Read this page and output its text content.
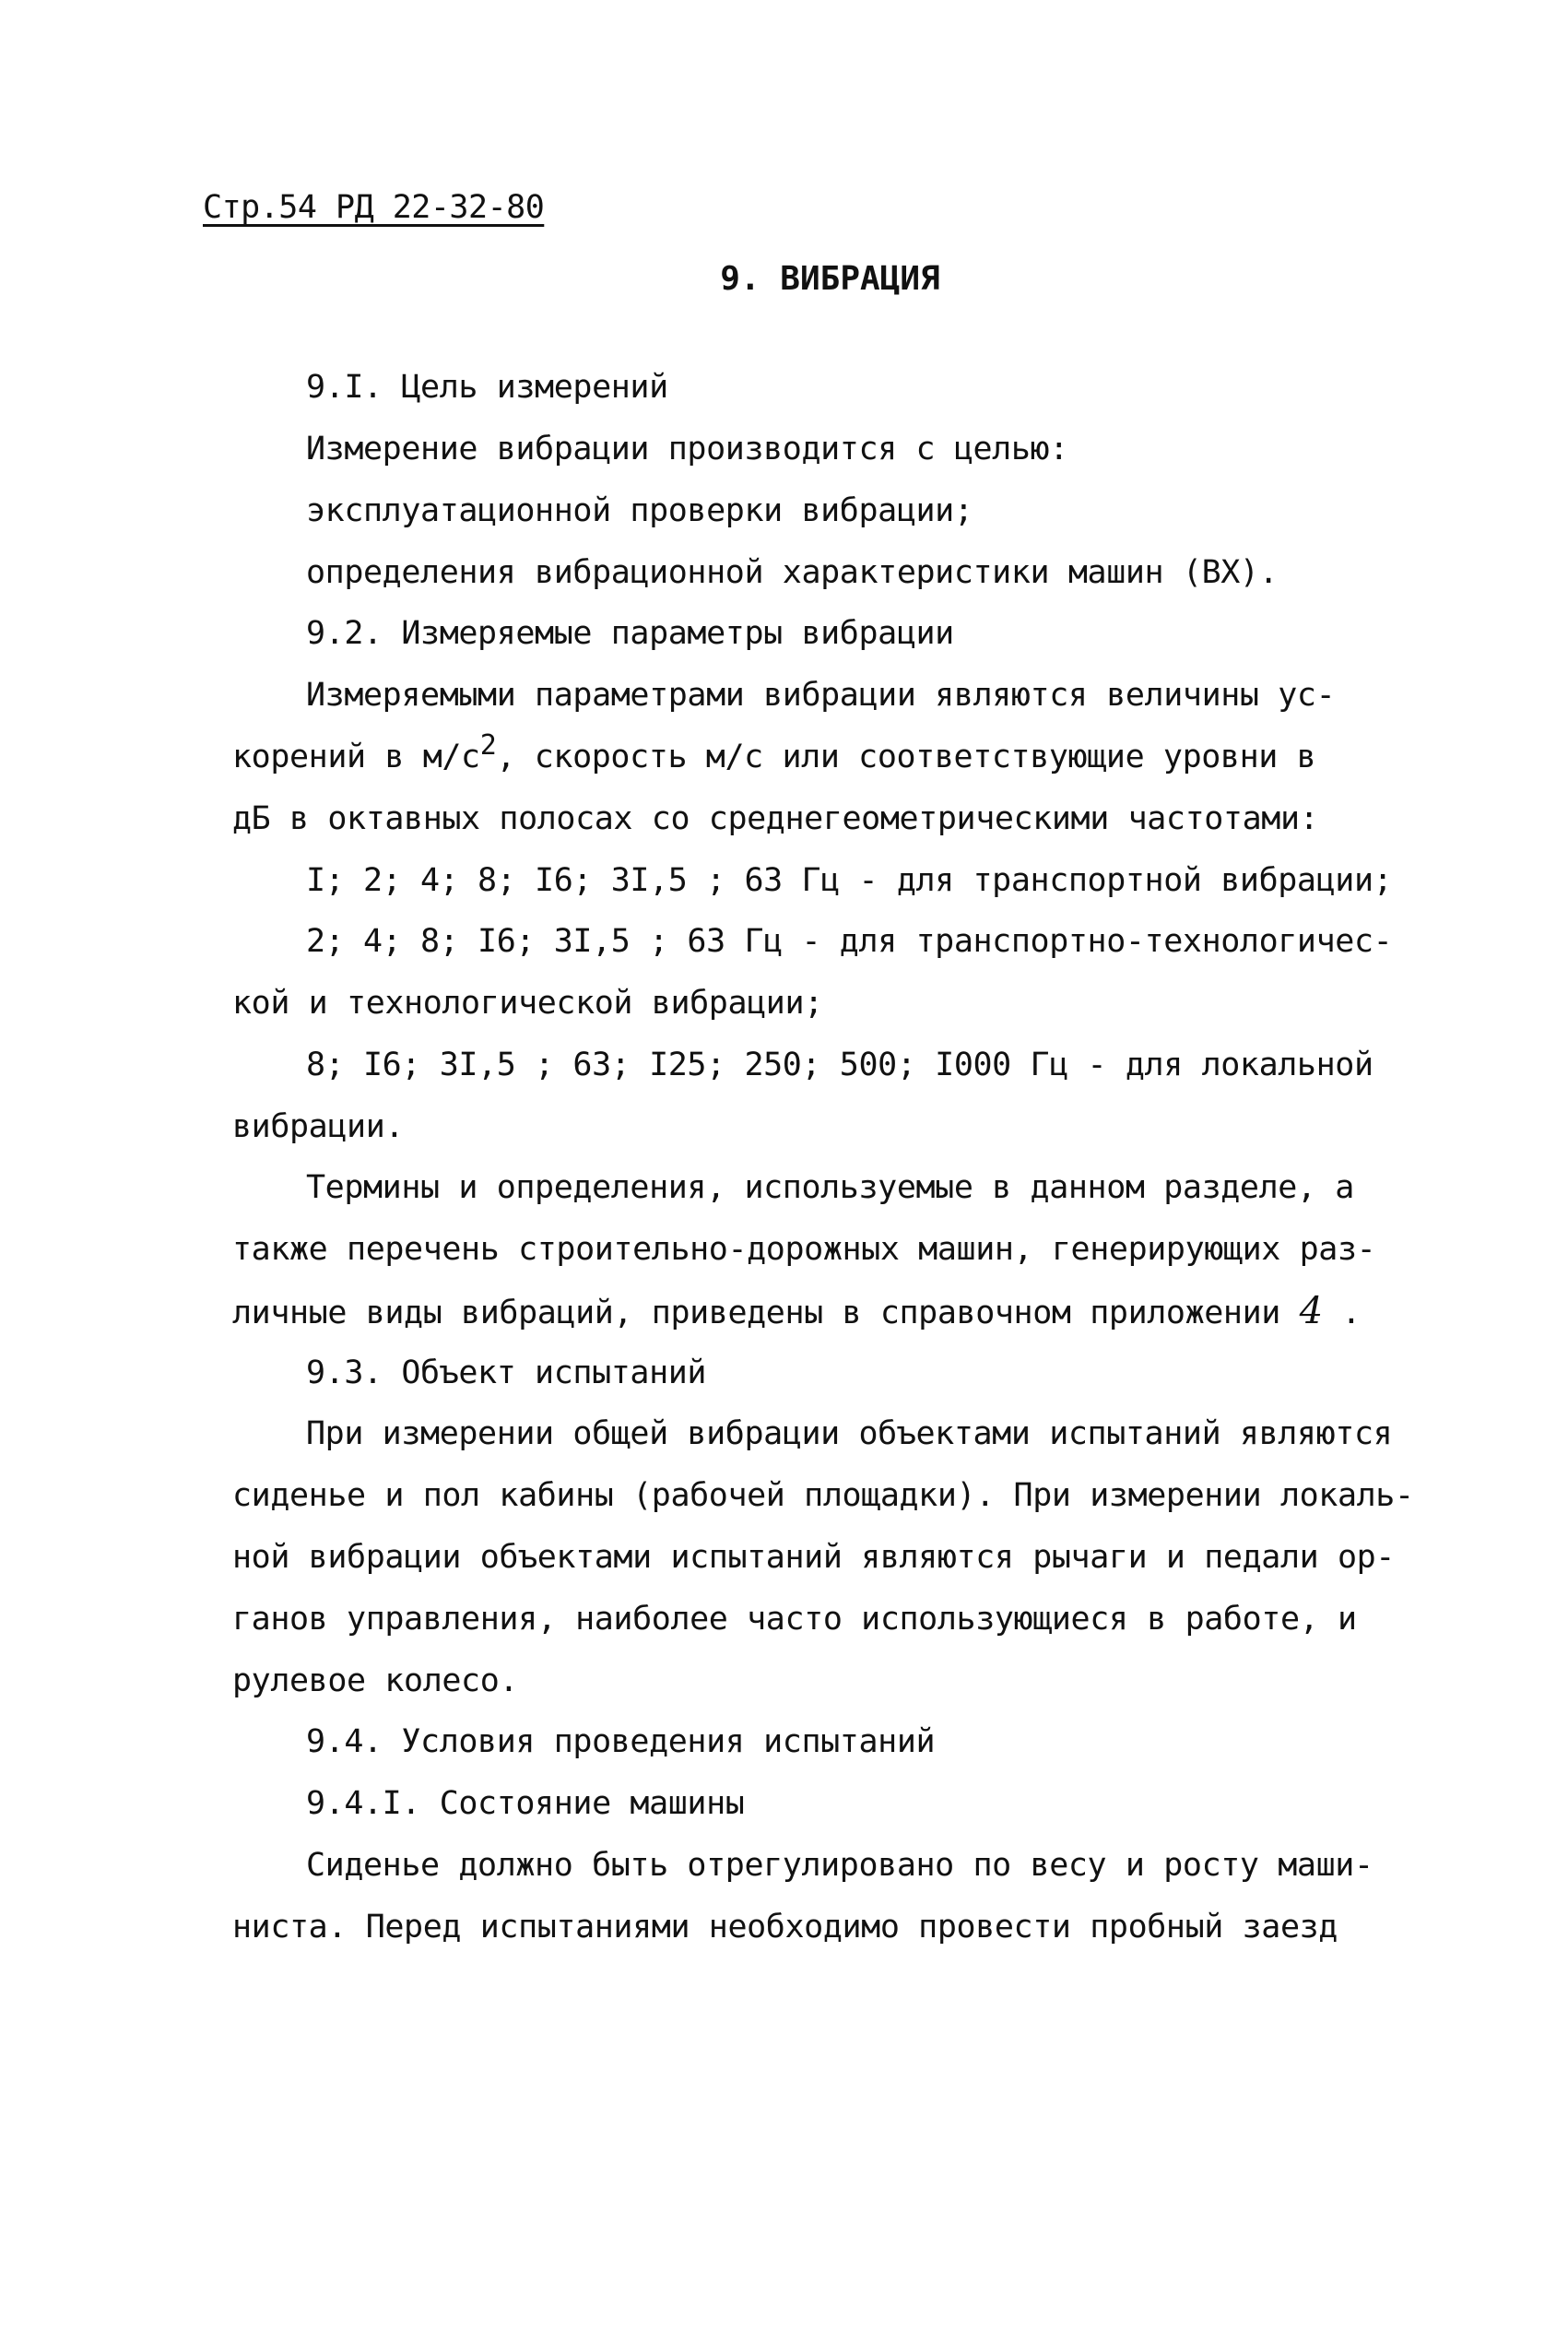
Стр.54 РД 22-32-80
9. ВИБРАЦИЯ
9.I. Цель измерений
Измерение вибрации производится с целью:
эксплуатационной проверки вибрации;
определения вибрационной характеристики машин (ВХ).
9.2. Измеряемые параметры вибрации
Измеряемыми параметрами вибрации являются величины ус-
корений в $м/с^2$, скорость м/с или соответствующие уровни в
дБ в октавных полосах со среднегеометрическими частотами:
I; 2; 4; 8; I6; 3I,5 ; 63 Гц - для транспортной вибрации;
2; 4; 8; I6; 3I,5 ; 63 Гц - для транспортно-технологичес-
кой и технологической вибрации;
8; I6; 3I,5 ; 63; I25; 250; 500; I000 Гц - для локальной
вибрации.
Термины и определения, используемые в данном разделе, а
также перечень строительно-дорожных машин, генерирующих раз-
личные виды вибраций, приведены в справочном приложении 4 .
9.3. Объект испытаний
При измерении общей вибрации объектами испытаний являются
сиденье и пол кабины (рабочей площадки). При измерении локаль-
ной вибрации объектами испытаний являются рычаги и педали ор-
ганов управления, наиболее часто использующиеся в работе, и
рулевое колесо.
9.4. Условия проведения испытаний
9.4.I. Состояние машины
Сиденье должно быть отрегулировано по весу и росту маши-
ниста. Перед испытаниями необходимо провести пробный заезд
